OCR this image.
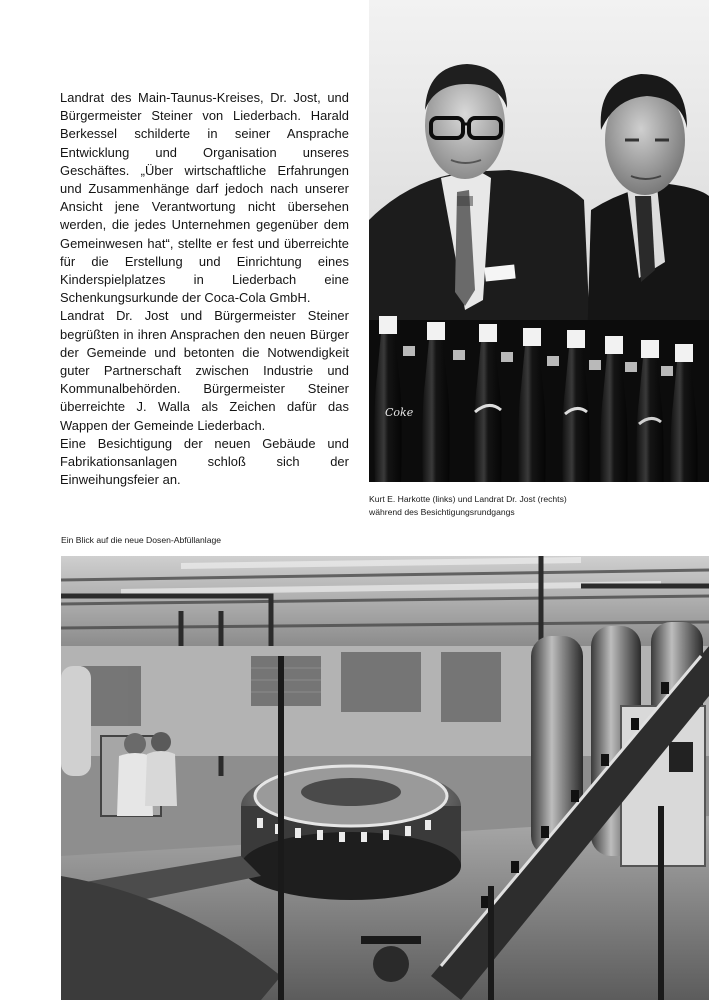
Landrat des Main-Taunus-Kreises, Dr. Jost, und Bürgermeister Steiner von Liederbach. Harald Berkessel schilderte in seiner Ansprache Entwicklung und Organisation unseres Geschäftes. „Über wirtschaftliche Erfahrungen und Zusammenhänge darf jedoch nach unserer Ansicht jene Verantwortung nicht übersehen werden, die jedes Unternehmen gegenüber dem Gemeinwesen hat“, stellte er fest und überreichte für die Erstellung und Einrichtung eines Kinderspielplatzes in Liederbach eine Schenkungsurkunde der Coca-Cola GmbH.

Landrat Dr. Jost und Bürgermeister Steiner begrüßten in ihren Ansprachen den neuen Bürger der Gemeinde und betonten die Notwendigkeit guter Partnerschaft zwischen Industrie und Kommunalbehörden. Bürgermeister Steiner überreichte J. Walla als Zeichen dafür das Wappen der Gemeinde Liederbach.

Eine Besichtigung der neuen Gebäude und Fabrikationsanlagen schloß sich der Einweihungsfeier an.

Coke
Kurt E. Harkotte (links) und Landrat Dr. Jost (rechts)
während des Besichtigungsrundgangs
Ein Blick auf die neue Dosen-Abfüllanlage
